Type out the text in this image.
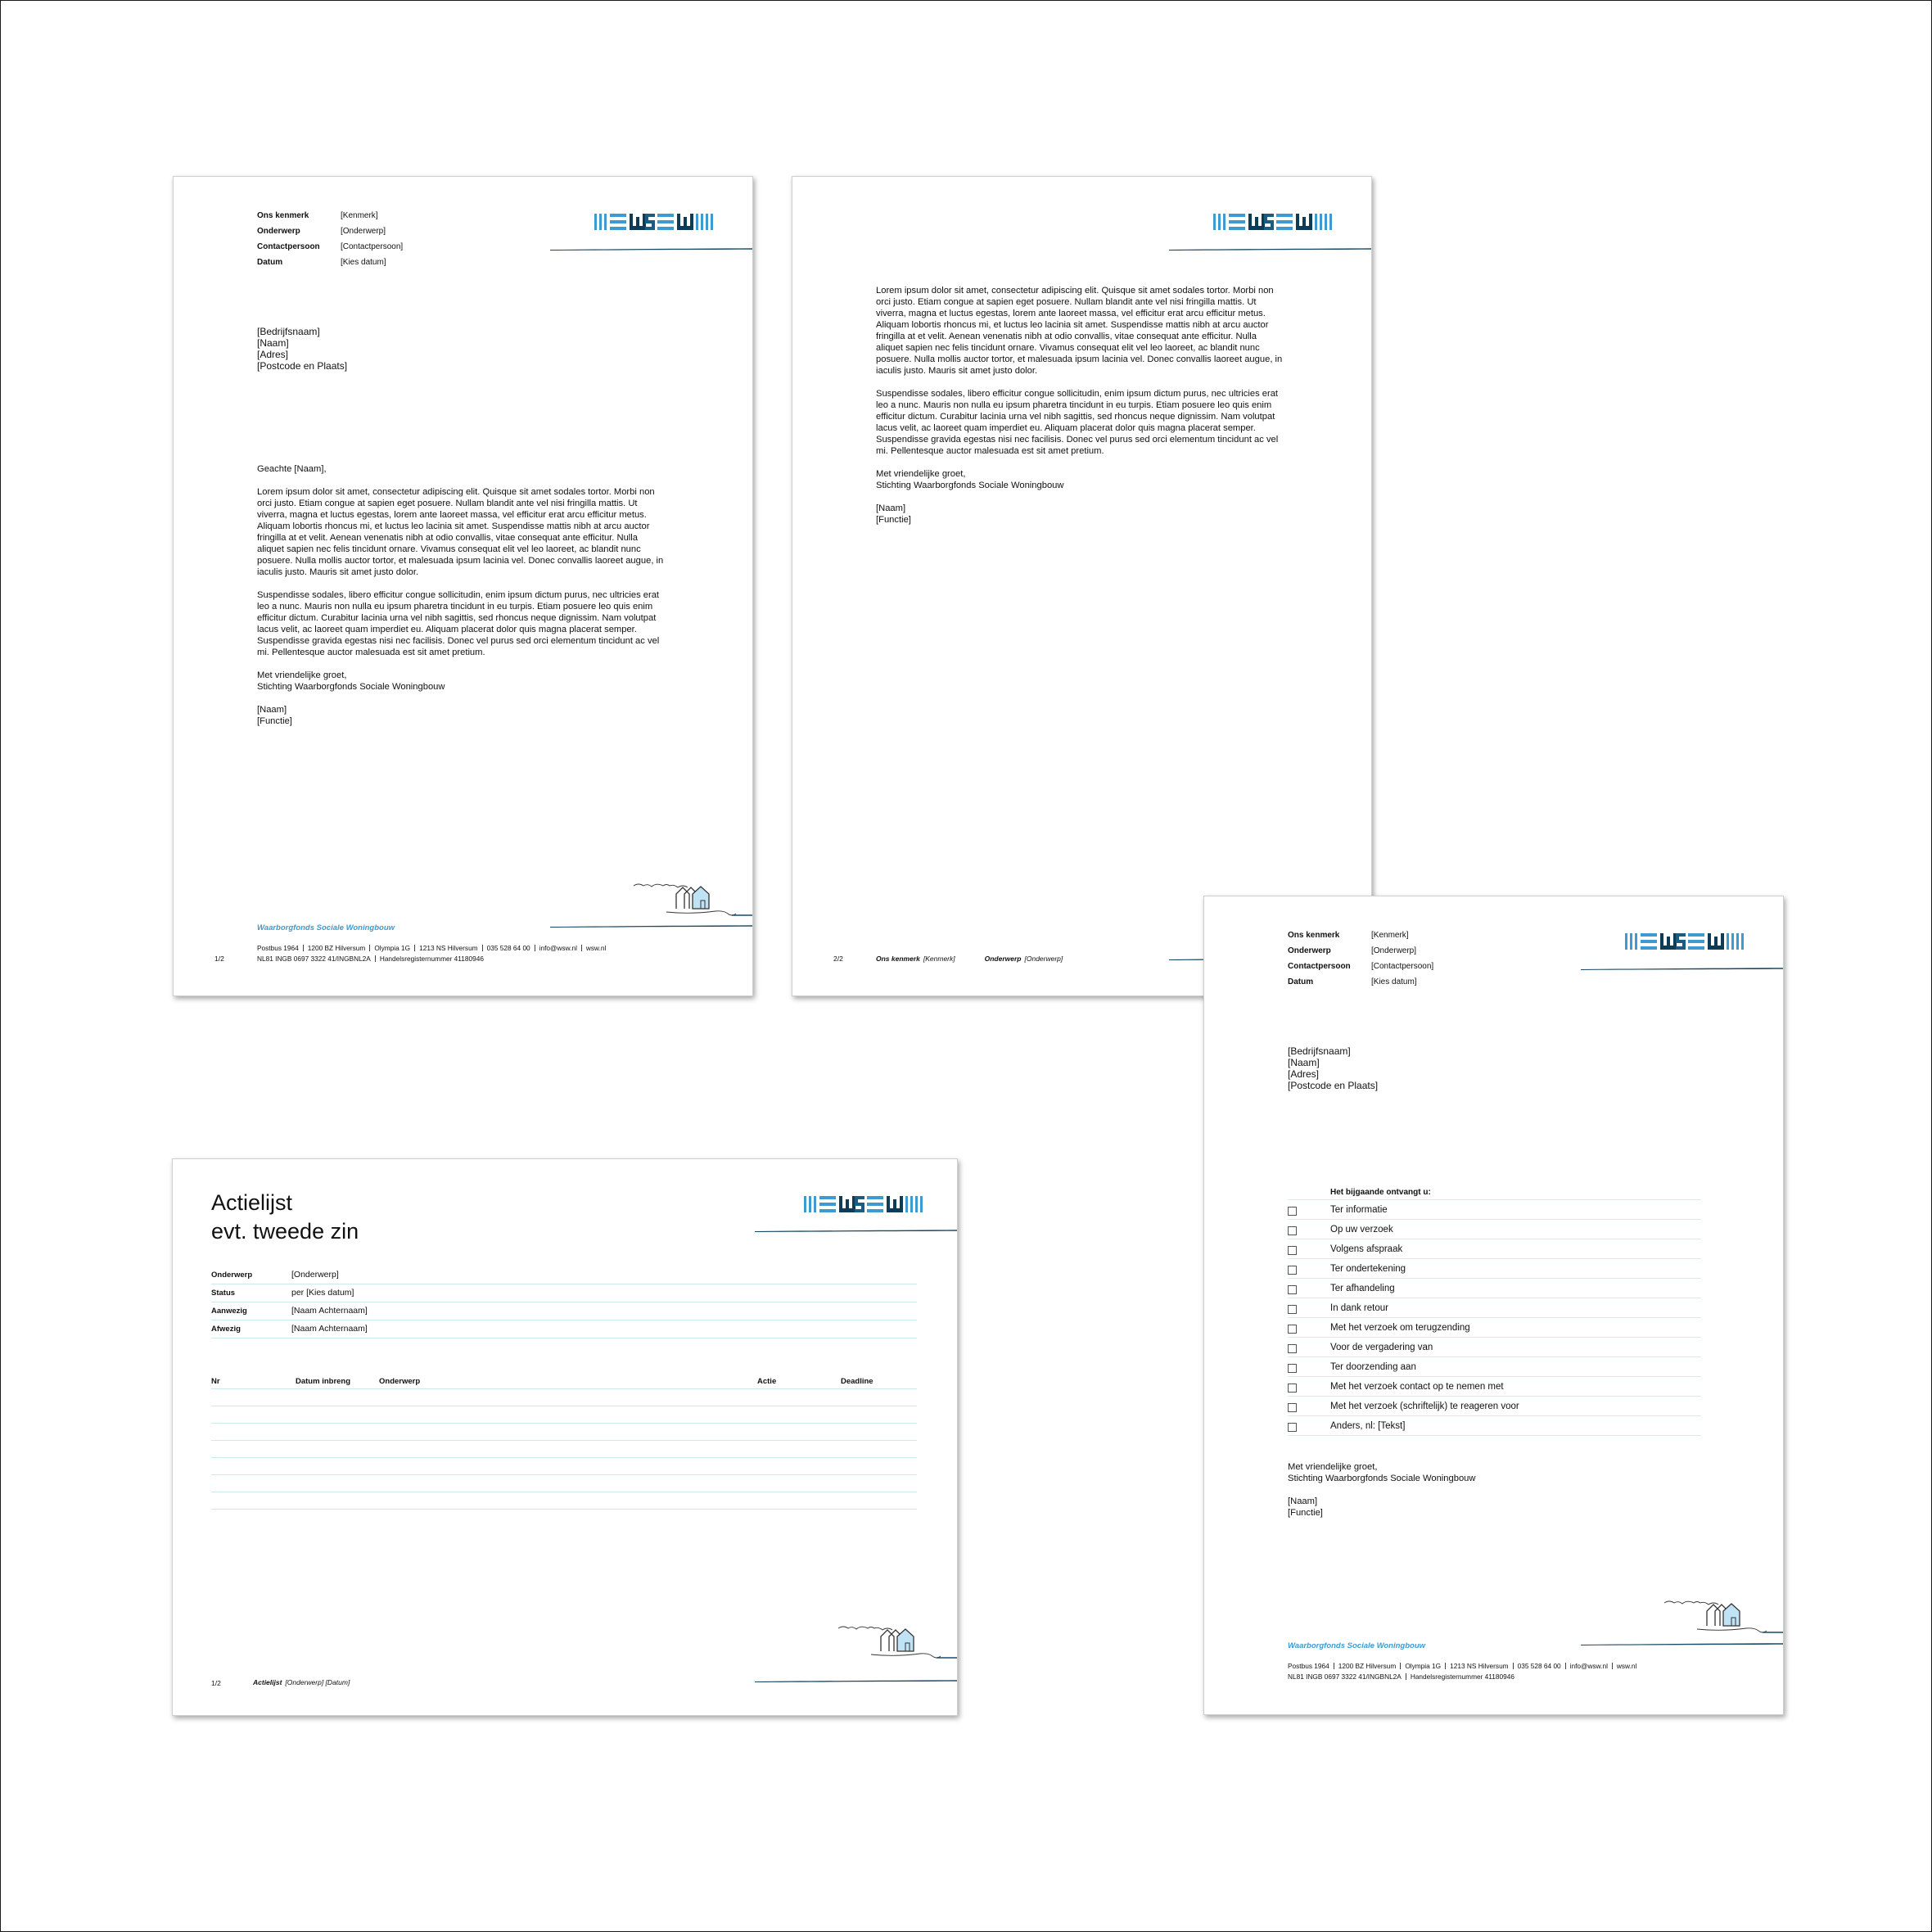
Ons kenmerk	[Kenmerk]
Onderwerp	[Onderwerp]
Contactpersoon	[Contactpersoon]
Datum	[Kies datum]
[Bedrijfsnaam]
[Naam]
[Adres]
[Postcode en Plaats]

Geachte [Naam],

Lorem ipsum dolor sit amet, consectetur adipiscing elit. Quisque sit amet sodales tortor. Morbi non orci justo. Etiam congue at sapien eget posuere. Nullam blandit ante vel nisi fringilla mattis. Ut viverra, magna et luctus egestas, lorem ante laoreet massa, vel efficitur erat arcu efficitur metus. Aliquam lobortis rhoncus mi, et luctus leo lacinia sit amet. Suspendisse mattis nibh at arcu auctor fringilla at et velit. Aenean venenatis nibh at odio convallis, vitae consequat ante efficitur. Nulla aliquet sapien nec felis tincidunt ornare. Vivamus consequat elit vel leo laoreet, ac blandit nunc posuere. Nulla mollis auctor tortor, et malesuada ipsum lacinia vel. Donec convallis laoreet augue, in iaculis justo. Mauris sit amet justo dolor.

Suspendisse sodales, libero efficitur congue sollicitudin, enim ipsum dictum purus, nec ultricies erat leo a nunc. Mauris non nulla eu ipsum pharetra tincidunt in eu turpis. Etiam posuere leo quis enim efficitur dictum. Curabitur lacinia urna vel nibh sagittis, sed rhoncus neque dignissim. Nam volutpat lacus velit, ac laoreet quam imperdiet eu. Aliquam placerat dolor quis magna placerat semper. Suspendisse gravida egestas nisi nec facilisis. Donec vel purus sed orci elementum tincidunt ac vel mi. Pellentesque auctor malesuada est sit amet pretium.

Met vriendelijke groet,
Stichting Waarborgfonds Sociale Woningbouw

[Naam]
[Functie]

Waarborgfonds Sociale Woningbouw
Postbus 1964 1200 BZ Hilversum Olympia 1G 1213 NS Hilversum 035 528 64 00 info@wsw.nl wsw.nl
NL81 INGB 0697 3322 41/INGBNL2A Handelsregisternummer 41180946
1/2

Lorem ipsum dolor sit amet, consectetur adipiscing elit. Quisque sit amet sodales tortor. Morbi non orci justo. Etiam congue at sapien eget posuere. Nullam blandit ante vel nisi fringilla mattis. Ut viverra, magna et luctus egestas, lorem ante laoreet massa, vel efficitur erat arcu efficitur metus. Aliquam lobortis rhoncus mi, et luctus leo lacinia sit amet. Suspendisse mattis nibh at arcu auctor fringilla at et velit. Aenean venenatis nibh at odio convallis, vitae consequat ante efficitur. Nulla aliquet sapien nec felis tincidunt ornare. Vivamus consequat elit vel leo laoreet, ac blandit nunc posuere. Nulla mollis auctor tortor, et malesuada ipsum lacinia vel. Donec convallis laoreet augue, in iaculis justo. Mauris sit amet justo dolor.

Suspendisse sodales, libero efficitur congue sollicitudin, enim ipsum dictum purus, nec ultricies erat leo a nunc. Mauris non nulla eu ipsum pharetra tincidunt in eu turpis. Etiam posuere leo quis enim efficitur dictum. Curabitur lacinia urna vel nibh sagittis, sed rhoncus neque dignissim. Nam volutpat lacus velit, ac laoreet quam imperdiet eu. Aliquam placerat dolor quis magna placerat semper. Suspendisse gravida egestas nisi nec facilisis. Donec vel purus sed orci elementum tincidunt ac vel mi. Pellentesque auctor malesuada est sit amet pretium.

Met vriendelijke groet,
Stichting Waarborgfonds Sociale Woningbouw

[Naam]
[Functie]

2/2	Ons kenmerk [Kenmerk]	Onderwerp [Onderwerp]
Actielijst
evt. tweede zin
Onderwerp	[Onderwerp]
Status	per [Kies datum]
Aanwezig	[Naam Achternaam]
Afwezig	[Naam Achternaam]
Nr	Datum inbreng	Onderwerp	Actie	Deadline
1/2	Actielijst [Onderwerp] [Datum]
Ons kenmerk	[Kenmerk]
Onderwerp	[Onderwerp]
Contactpersoon	[Contactpersoon]
Datum	[Kies datum]
[Bedrijfsnaam]
[Naam]
[Adres]
[Postcode en Plaats]
Het bijgaande ontvangt u:
Ter informatie
Op uw verzoek
Volgens afspraak
Ter ondertekening
Ter afhandeling
In dank retour
Met het verzoek om terugzending
Voor de vergadering van
Ter doorzending aan
Met het verzoek contact op te nemen met
Met het verzoek (schriftelijk) te reageren voor
Anders, nl: [Tekst]

Met vriendelijke groet,
Stichting Waarborgfonds Sociale Woningbouw

[Naam]
[Functie]

Waarborgfonds Sociale Woningbouw
Postbus 1964 1200 BZ Hilversum Olympia 1G 1213 NS Hilversum 035 528 64 00 info@wsw.nl wsw.nl
NL81 INGB 0697 3322 41/INGBNL2A Handelsregisternummer 41180946
